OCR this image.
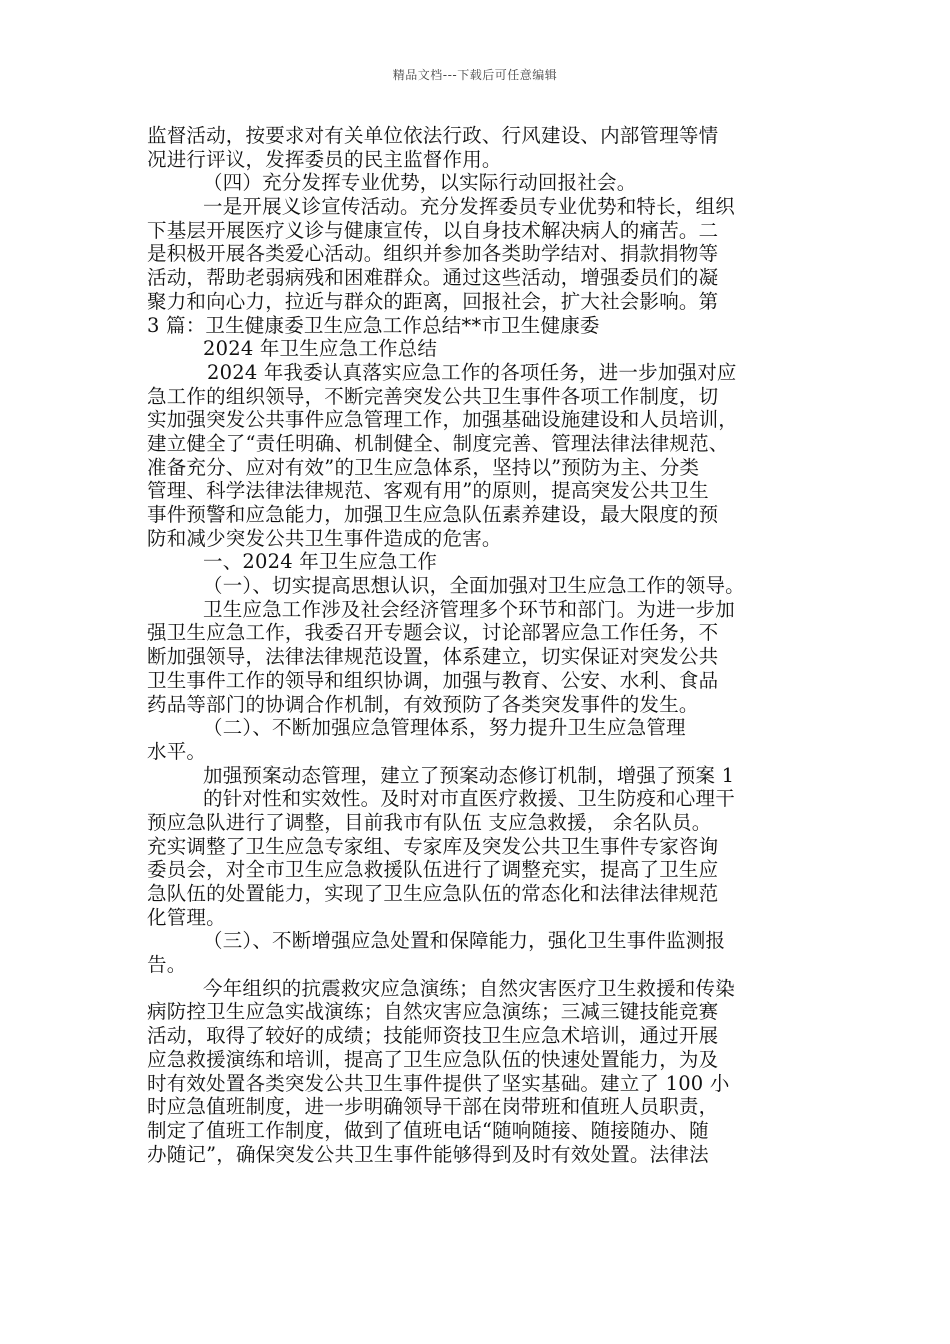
精品文档---下载后可任意编辑
监督活动，按要求对有关单位依法行政、行风建设、内部管理等情
况进行评议，发挥委员的民主监督作用。
（四）充分发挥专业优势，以实际行动回报社会。
一是开展义诊宣传活动。充分发挥委员专业优势和特长，组织
下基层开展医疗义诊与健康宣传，以自身技术解决病人的痛苦。二
是积极开展各类爱心活动。组织并参加各类助学结对、捐款捐物等
活动，帮助老弱病残和困难群众。通过这些活动，增强委员们的凝
聚力和向心力，拉近与群众的距离，回报社会，扩大社会影响。第
3 篇：卫生健康委卫生应急工作总结**市卫生健康委
2024 年卫生应急工作总结
2024 年我委认真落实应急工作的各项任务，进一步加强对应
急工作的组织领导，不断完善突发公共卫生事件各项工作制度，切
实加强突发公共事件应急管理工作，加强基础设施建设和人员培训，
建立健全了“责任明确、机制健全、制度完善、管理法律法律规范、
准备充分、应对有效”的卫生应急体系，坚持以”预防为主、分类
管理、科学法律法律规范、客观有用”的原则，提高突发公共卫生
事件预警和应急能力，加强卫生应急队伍素养建设，最大限度的预
防和减少突发公共卫生事件造成的危害。
一、2024 年卫生应急工作
（一）、切实提高思想认识，全面加强对卫生应急工作的领导。
卫生应急工作涉及社会经济管理多个环节和部门。为进一步加
强卫生应急工作，我委召开专题会议，讨论部署应急工作任务，不
断加强领导，法律法律规范设置，体系建立，切实保证对突发公共
卫生事件工作的领导和组织协调，加强与教育、公安、水利、食品
药品等部门的协调合作机制，有效预防了各类突发事件的发生。
（二）、不断加强应急管理体系，努力提升卫生应急管理
水平。
加强预案动态管理，建立了预案动态修订机制，增强了预案 1
的针对性和实效性。及时对市直医疗救援、卫生防疫和心理干
预应急队进行了调整，目前我市有队伍 支应急救援， 余名队员。
充实调整了卫生应急专家组、专家库及突发公共卫生事件专家咨询
委员会，对全市卫生应急救援队伍进行了调整充实，提高了卫生应
急队伍的处置能力，实现了卫生应急队伍的常态化和法律法律规范
化管理。
（三）、不断增强应急处置和保障能力，强化卫生事件监测报
告。
今年组织的抗震救灾应急演练；自然灾害医疗卫生救援和传染
病防控卫生应急实战演练；自然灾害应急演练；三减三键技能竞赛
活动，取得了较好的成绩；技能师资技卫生应急术培训，通过开展
应急救援演练和培训，提高了卫生应急队伍的快速处置能力，为及
时有效处置各类突发公共卫生事件提供了坚实基础。建立了 100 小
时应急值班制度，进一步明确领导干部在岗带班和值班人员职责，
制定了值班工作制度，做到了值班电话“随响随接、随接随办、随
办随记”，确保突发公共卫生事件能够得到及时有效处置。法律法
